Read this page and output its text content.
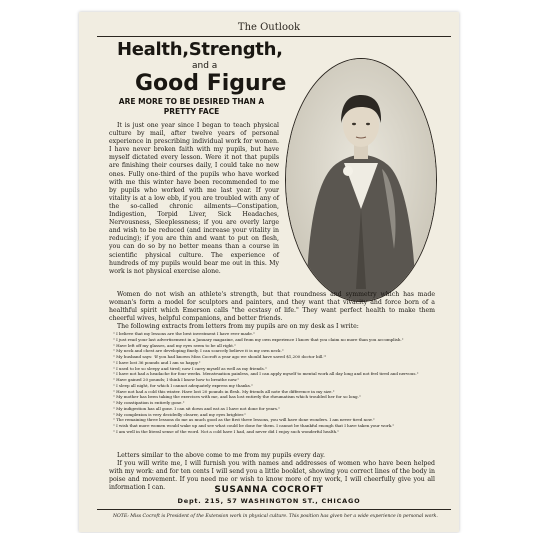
The Outlook
Health,Strength,
and a
Good Figure
ARE MORE TO BE DESIRED THAN A PRETTY FACE

It is just one year since I began to teach physical culture by mail, after twelve years of personal experience in prescribing individual work for women. I have never broken faith with my pupils, but have myself dictated every lesson. Were it not that pupils are finishing their courses daily, I could take no new ones. Fully one-third of the pupils who have worked with me this winter have been recommended to me by pupils who worked with me last year. If your vitality is at a low ebb, if you are troubled with any of the so-called chronic ailments—Constipation, Indigestion, Torpid Liver, Sick Headaches, Nervousness, Sleeplessness; if you are overly large and wish to be reduced (and increase your vitality in reducing); if you are thin and want to put on flesh, you can do so by no better means than a course in scientific physical culture. The experience of hundreds of my pupils would bear me out in this. My work is not physical exercise alone.

Women do not wish an athlete's strength, but that roundness and symmetry which has made woman's form a model for sculptors and painters, and they want that vivacity and force born of a healthful spirit which Emerson calls "the ecstasy of life." They want perfect health to make them cheerful wives, helpful companions, and better friends.

The following extracts from letters from my pupils are on my desk as I write:

" I believe that my lessons are the best investment I have ever made."
" I just read your last advertisement in a January magazine, and from my own experience I know that you claim no more than you accomplish."
" Have left off my glasses, and my eyes seem to be all right."
" My neck and chest are developing finely. I can scarcely believe it is my own neck."
" My husband says: 'If you had known Miss Cocroft a year ago we should have saved $1,200 doctor bill.'"
" I have lost 36 pounds and I am so happy."
" I used to be so sleepy and tired; now I carry myself as well as my friends."
" I have not had a headache for four weeks. Menstruation painless, and I can apply myself to mental work all day long and not feel tired and nervous."
" Have gained 20 pounds; I think I know how to breathe now."
" I sleep all night, for which I cannot adequately express my thanks."
" Have not had a cold this winter. Have lost 20 pounds in flesh. My friends all note the difference in my size."
" My mother has been taking the exercises with me, and has lost entirely the rheumatism which troubled her for so long."
" My constipation is entirely gone."
" My indigestion has all gone. I can sit down and eat as I have not done for years."
" My complexion is very decidedly clearer, and my eyes brighter."
" The remaining three lessons do me as much good as the first three lessons, you will have done wonders. I am never tired now."
" I wish that more women would wake up and see what could be done for them. I cannot be thankful enough that I have taken your work."
" I am well in the literal sense of the word. Not a cold have I had, and never did I enjoy such wonderful health."

Letters similar to the above come to me from my pupils every day.

If you will write me, I will furnish you with names and addresses of women who have been helped with my work: and for ten cents I will send you a little booklet, showing you correct lines of the body in poise and movement. If you need me or wish to know more of my work, I will cheerfully give you all information I can.	SUSANNA COCROFT
Dept. 215, 57 WASHINGTON ST., CHICAGO
NOTE: Miss Cocroft is President of the Extension work in physical culture. This position has given her a wide experience in personal work.
